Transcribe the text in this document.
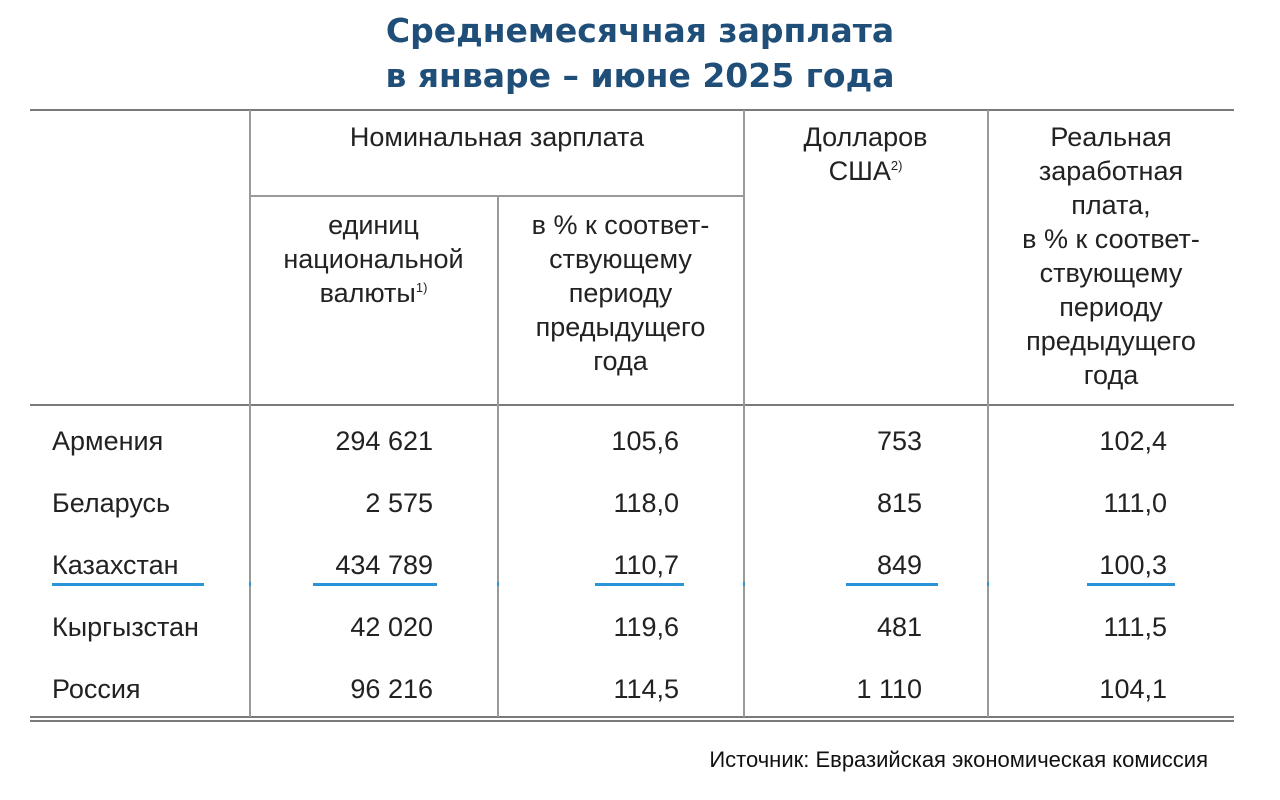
Среднемесячная зарплата
в январе – июне 2025 года
Номинальная зарплата
единиц
национальной
валюты$^{1)}$
в % к соответ-
ствующему
периоду
предыдущего
года
Долларов
США$^{2)}$
Реальная
заработная
плата,
в % к соответ-
ствующему
периоду
предыдущего
года
Армения	294 621	105,6	753	102,4
Беларусь	2 575	118,0	815	111,0
Казахстан	434 789	110,7	849	100,3
Кыргызстан	42 020	119,6	481	111,5
Россия	96 216	114,5	1 110	104,1
Источник: Евразийская экономическая комиссия
